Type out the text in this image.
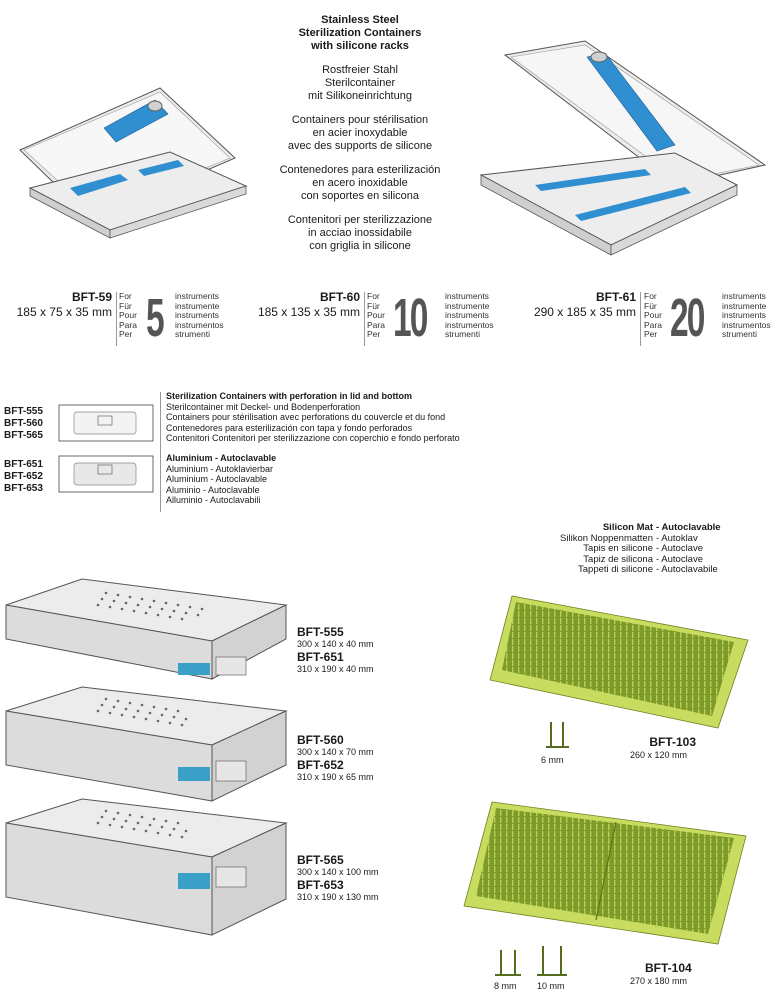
Stainless Steel
Sterilization Containers
with silicone racks
Rostfreier Stahl
Sterilcontainer
mit Silikoneinrichtung
Containers pour stérilisation
en acier inoxydable
avec des supports de silicone
Contenedores para esterilización
en acero inoxidable
con soportes en silicona
Contenitori per sterilizzazione
in acciao inossidabile
con griglia in silicone
BFT-59
185 x 75 x 35 mm
For
Für
Pour
Para
Per 5 instruments
instrumente
instruments
instrumentos
strumenti
BFT-60
185 x 135 x 35 mm
For
Für
Pour
Para
Per 10 instruments
instrumente
instruments
instrumentos
strumenti
BFT-61
290 x 185 x 35 mm
For
Für
Pour
Para
Per 20 instruments
instrumente
instruments
instrumentos
strumenti
BFT-555
BFT-560
BFT-565
BFT-651
BFT-652
BFT-653
Sterilization Containers with perforation in lid and bottom
Sterilcontainer mit Deckel- und Bodenperforation
Containers pour stérilisation avec perforations du couvercle et du fond
Contenedores para esterilización con tapa y fondo perforados
Contenitori Contenitori per sterilizzazione con coperchio e fondo perforato
Aluminium - Autoclavable
Aluminium - Autoklavierbar
Aluminium - Autoclavable
Aluminio - Autoclavable
Alluminio - Autoclavabili
Silicon Mat
Silikon Noppenmatten
Tapis en silicone
Tapiz de silicona
Tappeti di silicone
- Autoclavable
- Autoklav
- Autoclave
- Autoclave
- Autoclavabile
BFT-555
300 x 140 x 40 mm
BFT-651
310 x 190 x 40 mm
BFT-560
300 x 140 x 70 mm
BFT-652
310 x 190 x 65 mm
BFT-565
300 x 140 x 100 mm
BFT-653
310 x 190 x 130 mm
6 mm
BFT-103
260 x 120 mm
8 mm 10 mm
BFT-104
270 x 180 mm
